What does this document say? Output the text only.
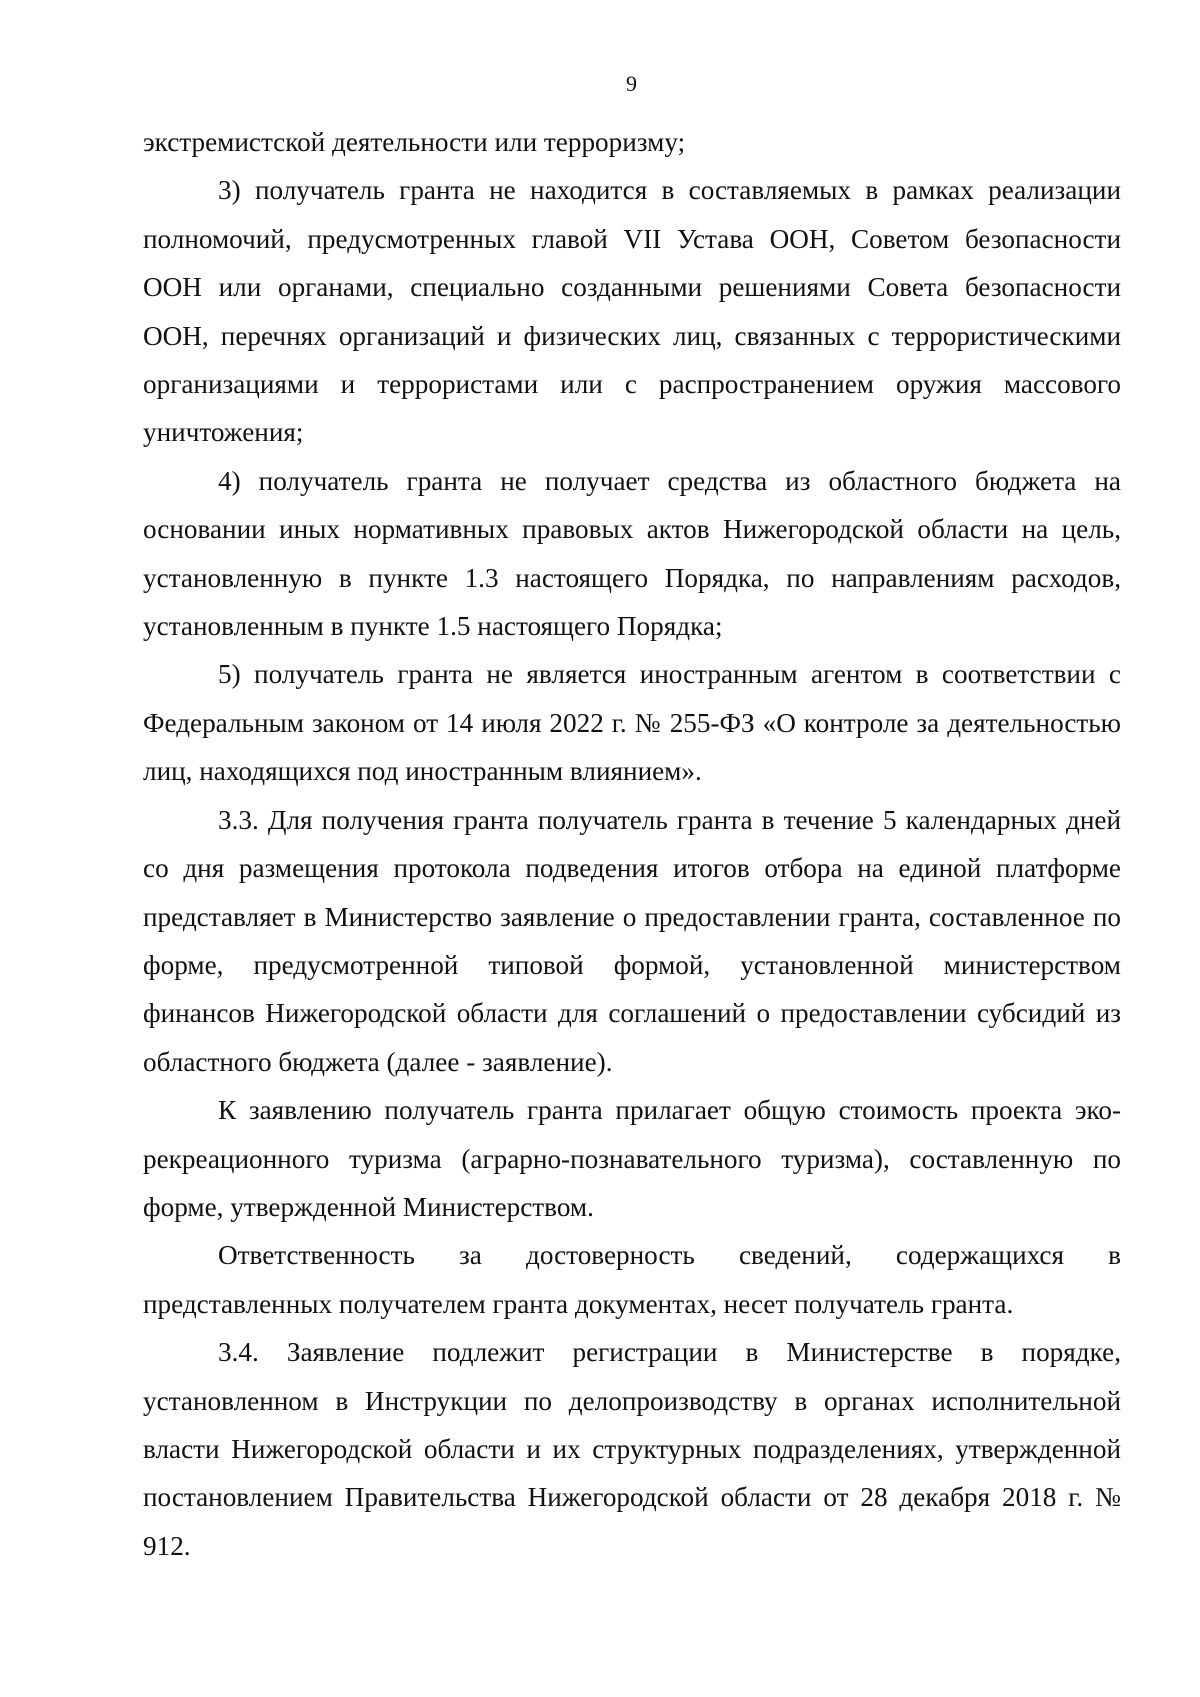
9

экстремистской деятельности или терроризму;

3) получатель гранта не находится в составляемых в рамках реализации полномочий, предусмотренных главой VII Устава ООН, Советом безопасности ООН или органами, специально созданными решениями Совета безопасности ООН, перечнях организаций и физических лиц, связанных с террористическими организациями и террористами или с распространением оружия массового уничтожения;

4) получатель гранта не получает средства из областного бюджета на основании иных нормативных правовых актов Нижегородской области на цель, установленную в пункте 1.3 настоящего Порядка, по направлениям расходов, установленным в пункте 1.5 настоящего Порядка;

5) получатель гранта не является иностранным агентом в соответствии с Федеральным законом от 14 июля 2022 г. № 255-ФЗ «О контроле за деятельностью лиц, находящихся под иностранным влиянием».

3.3. Для получения гранта получатель гранта в течение 5 календарных дней со дня размещения протокола подведения итогов отбора на единой платформе представляет в Министерство заявление о предоставлении гранта, составленное по форме, предусмотренной типовой формой, установленной министерством финансов Нижегородской области для соглашений о предоставлении субсидий из областного бюджета (далее - заявление).

К заявлению получатель гранта прилагает общую стоимость проекта эко-рекреационного туризма (аграрно-познавательного туризма), составленную по форме, утвержденной Министерством.

Ответственность за достоверность сведений, содержащихся в представленных получателем гранта документах, несет получатель гранта.

3.4. Заявление подлежит регистрации в Министерстве в порядке, установленном в Инструкции по делопроизводству в органах исполнительной власти Нижегородской области и их структурных подразделениях, утвержденной постановлением Правительства Нижегородской области от 28 декабря 2018 г. № 912.
